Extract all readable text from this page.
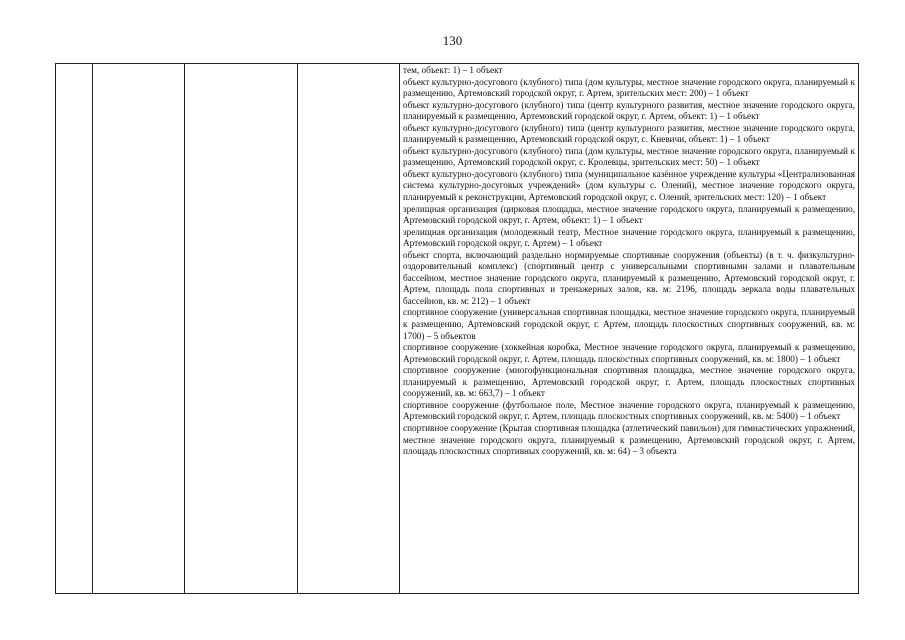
130

тем, объект: 1) – 1 объект

объект культурно-досугового (клубного) типа (дом культуры, местное значение городского округа, планируемый к размещению, Артемовский городской округ, г. Артем, зрительских мест: 200) – 1 объект

объект культурно-досугового (клубного) типа (центр культурного развития, местное значение городского округа, планируемый к размещению, Артемовский городской округ, г. Артем, объект: 1) – 1 объект

объект культурно-досугового (клубного) типа (центр культурного развития, местное значение городского округа, планируемый к размещению, Артемовский городской округ, с. Кневичи, объект: 1) – 1 объект

объект культурно-досугового (клубного) типа (дом культуры, местное значение городского округа, планируемый к размещению, Артемовский городской округ, с. Кролевцы, зрительских мест: 50) – 1 объект

объект культурно-досугового (клубного) типа (муниципальное казённое учреждение культуры «Централизованная система культурно-досуговых учреждений» (дом культуры с. Олений), местное значение городского округа, планируемый к реконструкции, Артемовский городской округ, с. Олений, зрительских мест: 120) – 1 объект

зрелищная организация (цирковая площадка, местное значение городского округа, планируемый к размещению, Артемовский городской округ, г. Артем, объект: 1) – 1 объект

зрелищная организация (молодежный театр, Местное значение городского округа, планируемый к размещению, Артемовский городской округ, г. Артем) – 1 объект

объект спорта, включающий раздельно нормируемые спортивные сооружения (объекты) (в т. ч. физкультурно-оздоровительный комплекс) (спортивный центр с универсальными спортивными залами и плавательным бассейном, местное значение городского округа, планируемый к размещению, Артемовский городской округ, г. Артем, площадь пола спортивных и тренажерных залов, кв. м: 2196, площадь зеркала воды плавательных бассейнов, кв. м: 212) – 1 объект

спортивное сооружение (универсальная спортивная площадка, местное значение городского округа, планируемый к размещению, Артемовский городской округ, г. Артем, площадь плоскостных спортивных сооружений, кв. м: 1700) – 5 объектов

спортивное сооружение (хоккейная коробка, Местное значение городского округа, планируемый к размещению, Артемовский городской округ, г. Артем, площадь плоскостных спортивных сооружений, кв. м: 1800) – 1 объект

спортивное сооружение (многофункциональная спортивная площадка, местное значение городского округа, планируемый к размещению, Артемовский городской округ, г. Артем, площадь плоскостных спортивных сооружений, кв. м: 663,7) – 1 объект

спортивное сооружение (футбольное поле, Местное значение городского округа, планируемый к размещению, Артемовский городской округ, г. Артем, площадь плоскостных спортивных сооружений, кв. м: 5400) – 1 объект

спортивное сооружение (Крытая спортивная площадка (атлетический павильон) для гимнастических упражнений, местное значение городского округа, планируемый к размещению, Артемовский городской округ, г. Артем, площадь плоскостных спортивных сооружений, кв. м: 64) – 3 объекта
